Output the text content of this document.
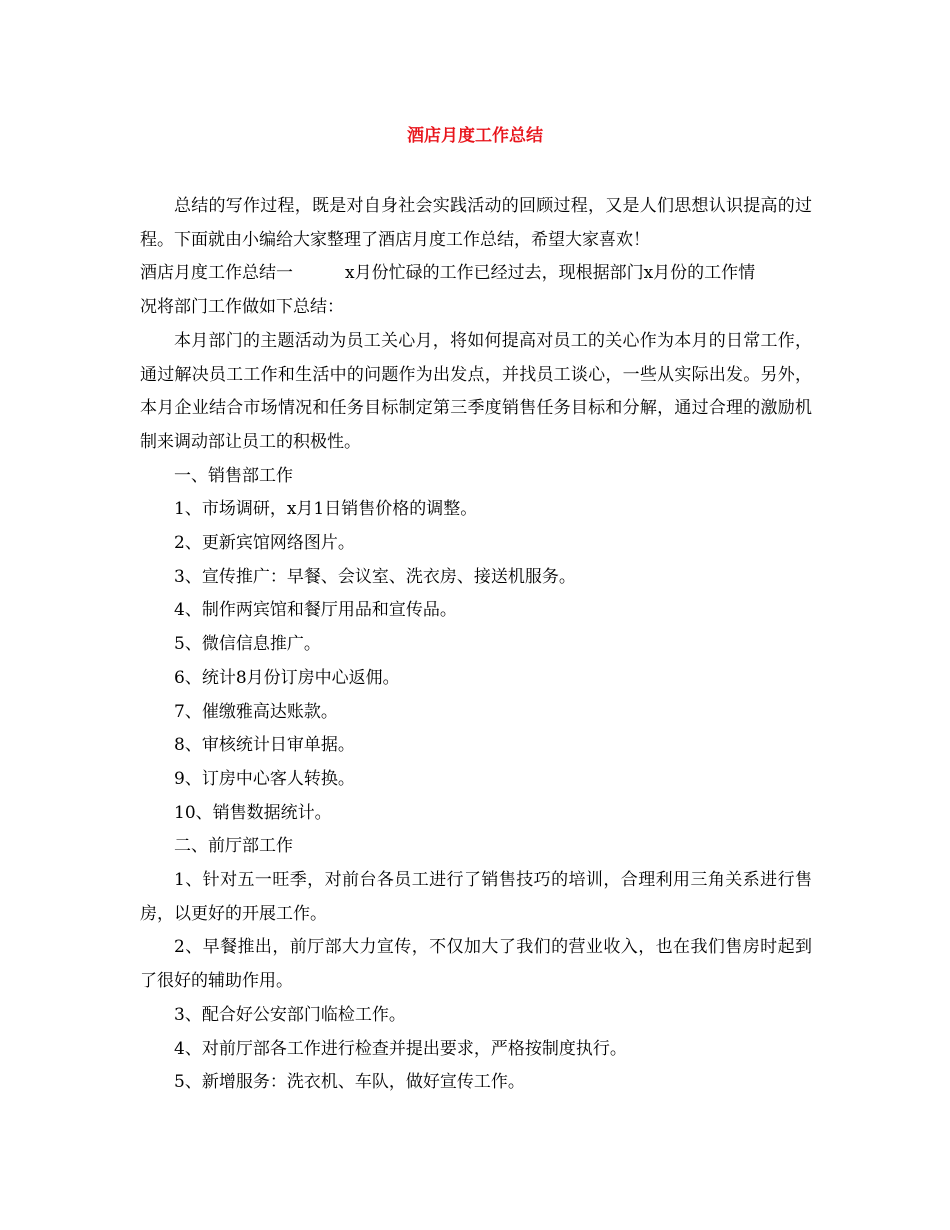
酒店月度工作总结

总结的写作过程，既是对自身社会实践活动的回顾过程，又是人们思想认识提高的过程。下面就由小编给大家整理了酒店月度工作总结，希望大家喜欢！

酒店月度工作总结一	x月份忙碌的工作已经过去，现根据部门x月份的工作情

况将部门工作做如下总结：

本月部门的主题活动为员工关心月，将如何提高对员工的关心作为本月的日常工作，通过解决员工工作和生活中的问题作为出发点，并找员工谈心，一些从实际出发。另外，本月企业结合市场情况和任务目标制定第三季度销售任务目标和分解，通过合理的激励机制来调动部让员工的积极性。

一、销售部工作

1、市场调研，x月1日销售价格的调整。

2、更新宾馆网络图片。

3、宣传推广：早餐、会议室、洗衣房、接送机服务。

4、制作两宾馆和餐厅用品和宣传品。

5、微信信息推广。

6、统计8月份订房中心返佣。

7、催缴雅高达账款。

8、审核统计日审单据。

9、订房中心客人转换。

10、销售数据统计。

二、前厅部工作

1、针对五一旺季，对前台各员工进行了销售技巧的培训，合理利用三角关系进行售房，以更好的开展工作。

2、早餐推出，前厅部大力宣传，不仅加大了我们的营业收入，也在我们售房时起到了很好的辅助作用。

3、配合好公安部门临检工作。

4、对前厅部各工作进行检查并提出要求，严格按制度执行。

5、新增服务：洗衣机、车队，做好宣传工作。
